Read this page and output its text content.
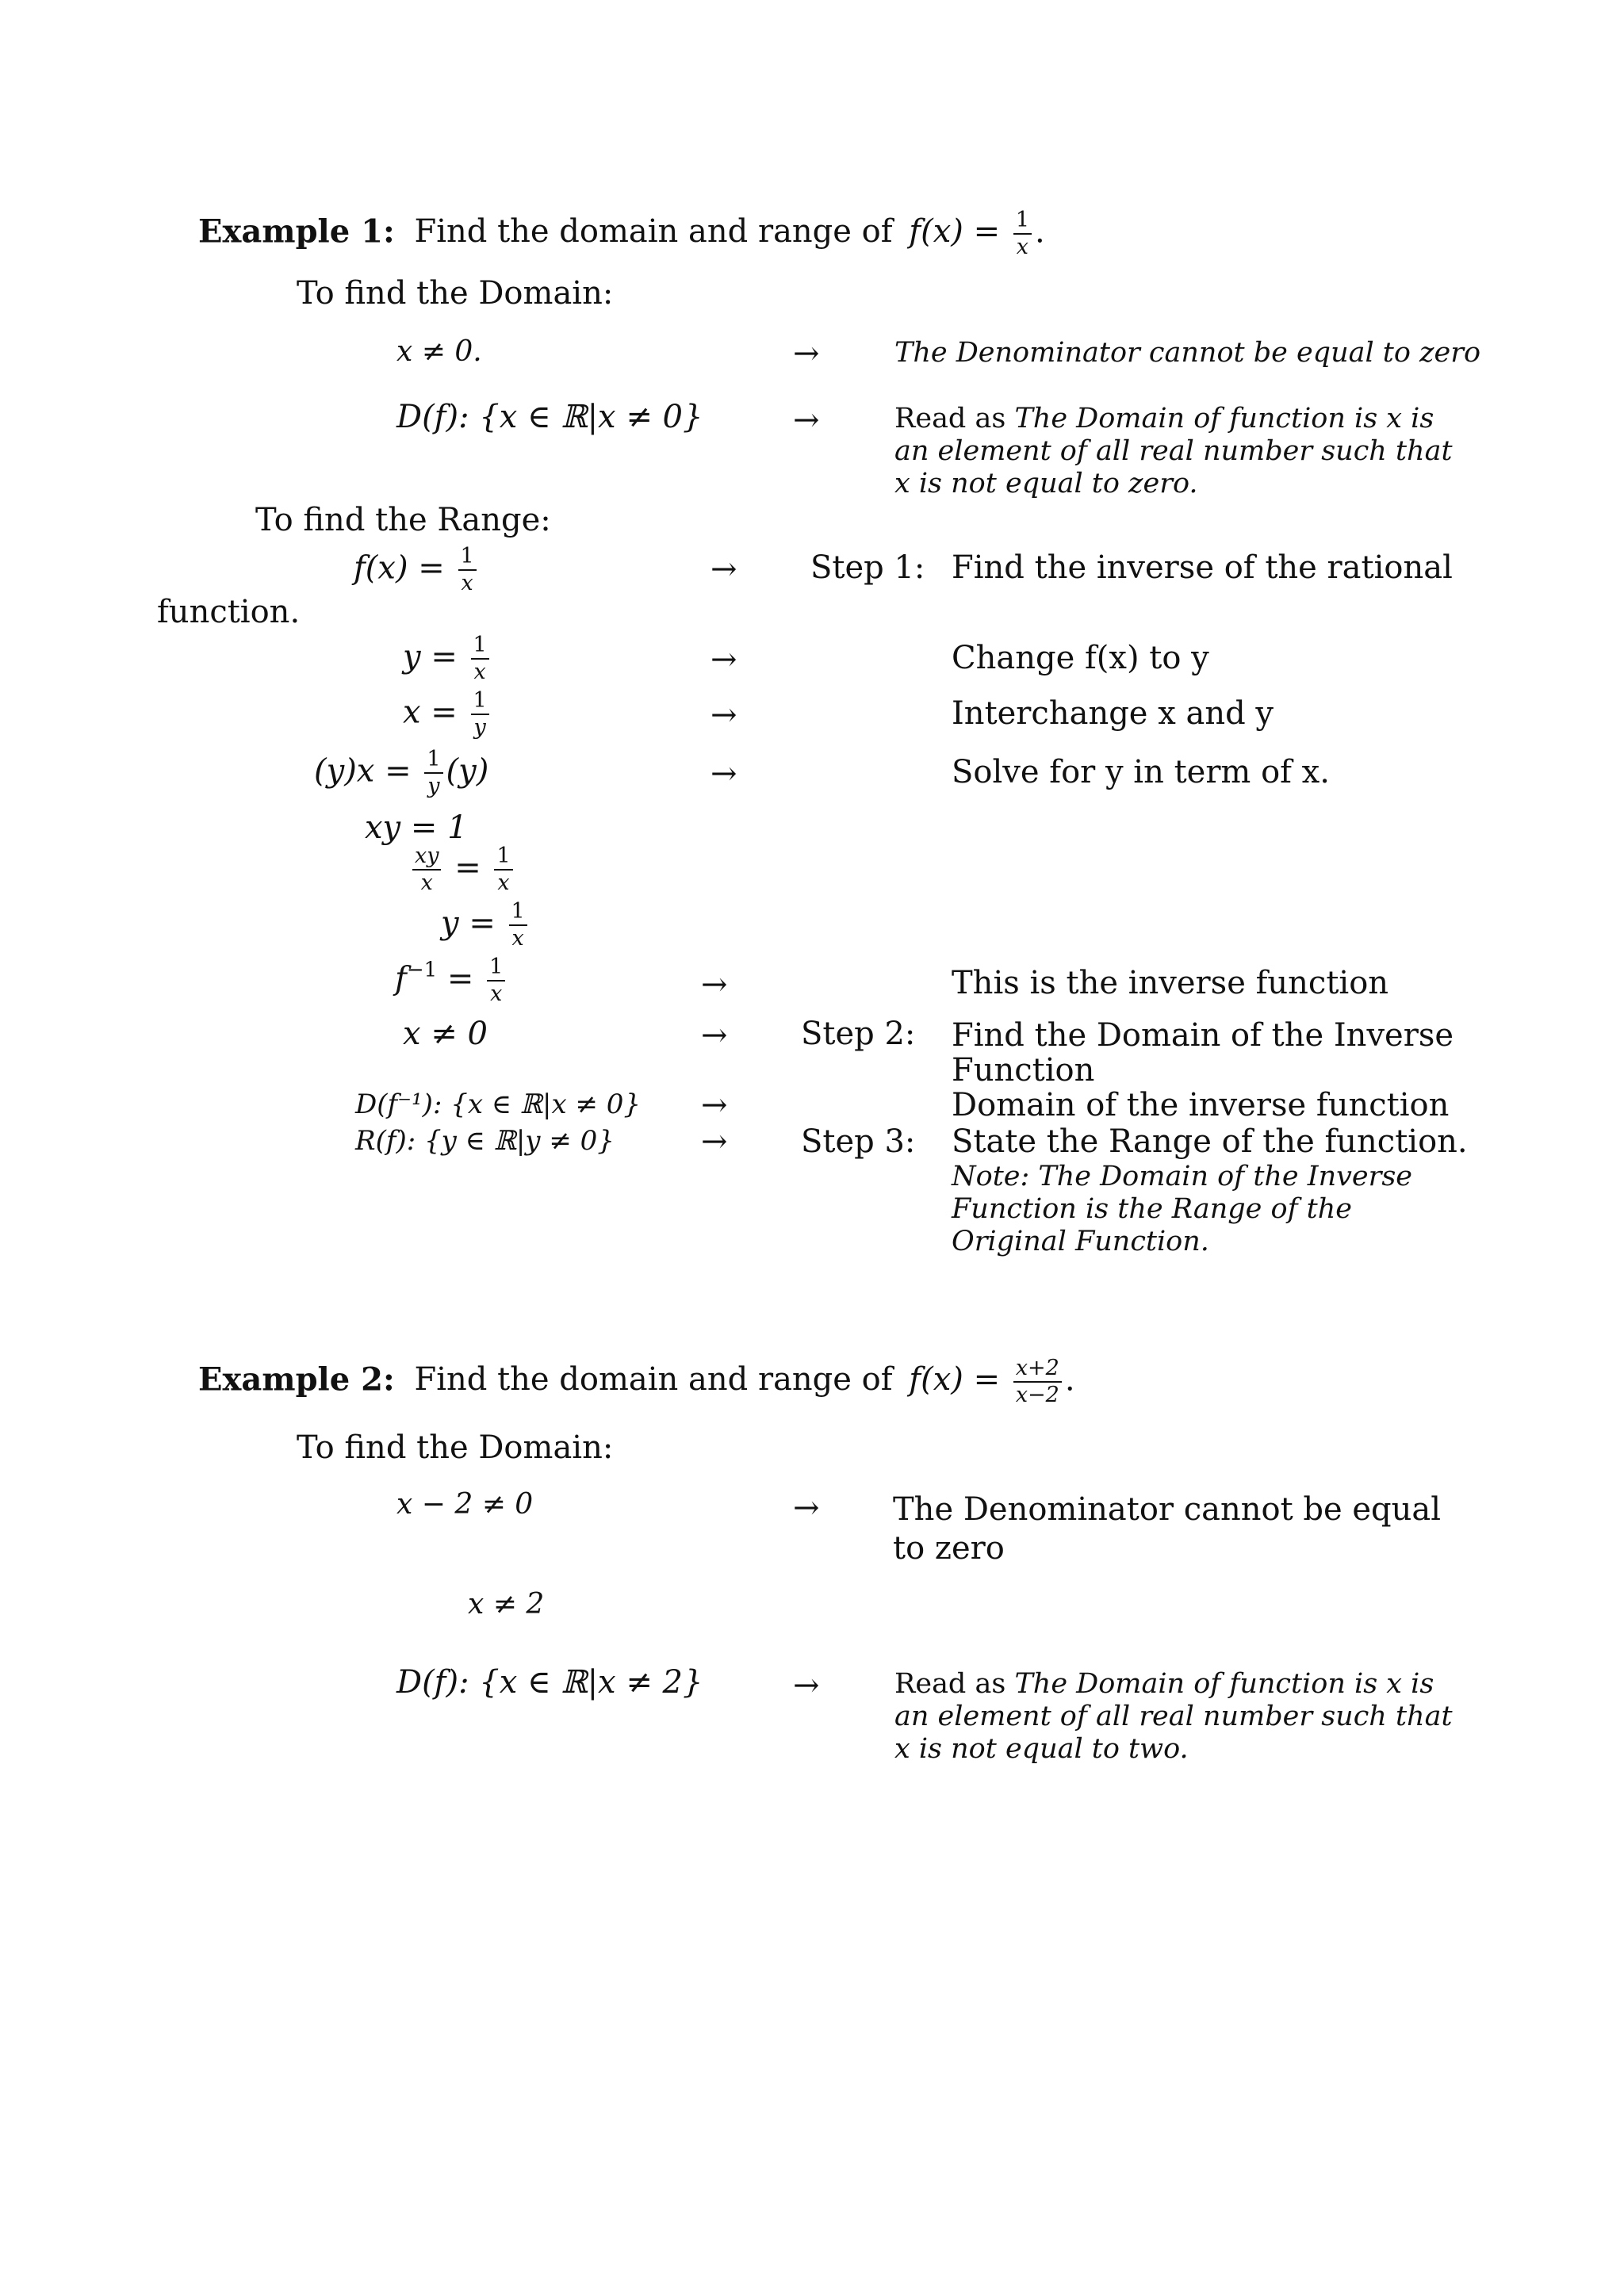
Example 1: Find the domain and range of $f(x) = \frac{1}{x}$ .
To find the Domain:
x ≠ 0.	→	The Denominator cannot be equal to zero
D(f): {x ∈ ℝ|x ≠ 0}	→	Read as The Domain of function is x is an element of all real number such that x is not equal to zero.
To find the Range:
$f(x) = \frac{1}{x}$	→ Step 1: Find the inverse of the rational
function.
$y = \frac{1}{x}$	→	Change f(x) to y
$x = \frac{1}{y}$	→	Interchange x and y
$(y)x = \frac{1}{y} (y)$	→	Solve for y in term of x.
xy = 1
$\frac{xy}{x} = \frac{1}{x}$
$y = \frac{1}{x}$
$f^{-1} = \frac{1}{x}$	→	This is the inverse function
x ≠ 0	→ Step 2: Find the Domain of the Inverse Function
D(f⁻¹): {x ∈ ℝ|x ≠ 0} →	Domain of the inverse function
R(f): {y ∈ ℝ|y ≠ 0}	→ Step 3: State the Range of the function.
Note: The Domain of the Inverse Function is the Range of the Original Function.
Example 2: Find the domain and range of $f(x) = \frac{x+2}{x-2}$ .
To find the Domain:
x − 2 ≠ 0	→ The Denominator cannot be equal to zero
x ≠ 2
D(f): {x ∈ ℝ|x ≠ 2}	→	Read as The Domain of function is x is an element of all real number such that x is not equal to two.
